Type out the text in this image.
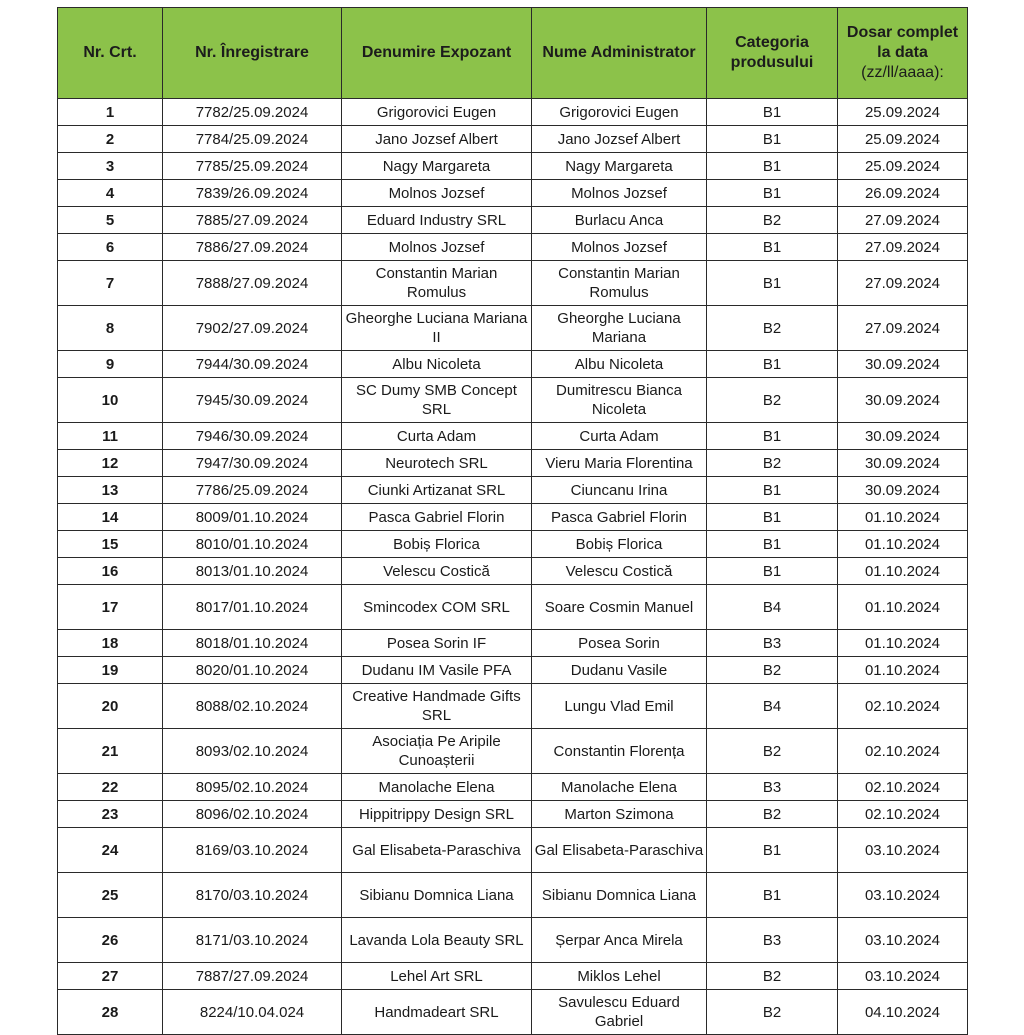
Nr. Crt.	Nr. Înregistrare	Denumire Expozant	Nume Administrator	Categoria produsului	Dosar complet la data
(zz/ll/aaaa):

1	7782/25.09.2024	Grigorovici Eugen	Grigorovici Eugen	B1	25.09.2024
2	7784/25.09.2024	Jano Jozsef Albert	Jano Jozsef Albert	B1	25.09.2024
3	7785/25.09.2024	Nagy Margareta	Nagy Margareta	B1	25.09.2024
4	7839/26.09.2024	Molnos Jozsef	Molnos Jozsef	B1	26.09.2024
5	7885/27.09.2024	Eduard Industry SRL	Burlacu Anca	B2	27.09.2024
6	7886/27.09.2024	Molnos Jozsef	Molnos Jozsef	B1	27.09.2024
7	7888/27.09.2024	Constantin Marian Romulus	Constantin Marian Romulus	B1	27.09.2024
8	7902/27.09.2024	Gheorghe Luciana Mariana II	Gheorghe Luciana Mariana	B2	27.09.2024
9	7944/30.09.2024	Albu Nicoleta	Albu Nicoleta	B1	30.09.2024
10	7945/30.09.2024	SC Dumy SMB Concept SRL	Dumitrescu Bianca Nicoleta	B2	30.09.2024
11	7946/30.09.2024	Curta Adam	Curta Adam	B1	30.09.2024
12	7947/30.09.2024	Neurotech SRL	Vieru Maria Florentina	B2	30.09.2024
13	7786/25.09.2024	Ciunki Artizanat SRL	Ciuncanu Irina	B1	30.09.2024
14	8009/01.10.2024	Pasca Gabriel Florin	Pasca Gabriel Florin	B1	01.10.2024
15	8010/01.10.2024	Bobiș Florica	Bobiș Florica	B1	01.10.2024
16	8013/01.10.2024	Velescu Costică	Velescu Costică	B1	01.10.2024
17	8017/01.10.2024	Smincodex COM SRL	Soare Cosmin Manuel	B4	01.10.2024
18	8018/01.10.2024	Posea Sorin IF	Posea Sorin	B3	01.10.2024
19	8020/01.10.2024	Dudanu IM Vasile PFA	Dudanu Vasile	B2	01.10.2024
20	8088/02.10.2024	Creative Handmade Gifts SRL	Lungu Vlad Emil	B4	02.10.2024
21	8093/02.10.2024	Asociația Pe Aripile Cunoașterii	Constantin Florența	B2	02.10.2024
22	8095/02.10.2024	Manolache Elena	Manolache Elena	B3	02.10.2024
23	8096/02.10.2024	Hippitrippy Design SRL	Marton Szimona	B2	02.10.2024
24	8169/03.10.2024	Gal Elisabeta-Paraschiva	Gal Elisabeta-Paraschiva	B1	03.10.2024
25	8170/03.10.2024	Sibianu Domnica Liana	Sibianu Domnica Liana	B1	03.10.2024
26	8171/03.10.2024	Lavanda Lola Beauty SRL	Șerpar Anca Mirela	B3	03.10.2024
27	7887/27.09.2024	Lehel Art SRL	Miklos Lehel	B2	03.10.2024
28	8224/10.04.024	Handmadeart SRL	Savulescu Eduard Gabriel	B2	04.10.2024
